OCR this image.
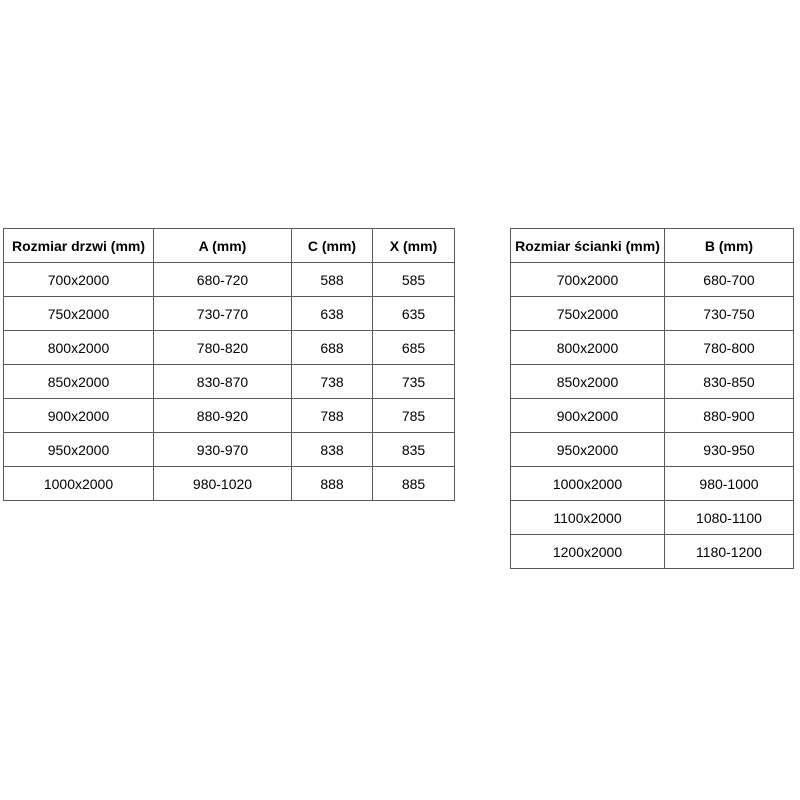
Rozmiar drzwi (mm)	A (mm)	C (mm)	X (mm)
700x2000	680-720	588	585
750x2000	730-770	638	635
800x2000	780-820	688	685
850x2000	830-870	738	735
900x2000	880-920	788	785
950x2000	930-970	838	835
1000x2000	980-1020	888	885
Rozmiar ścianki (mm)	B (mm)
700x2000	680-700
750x2000	730-750
800x2000	780-800
850x2000	830-850
900x2000	880-900
950x2000	930-950
1000x2000	980-1000
1100x2000	1080-1100
1200x2000	1180-1200
